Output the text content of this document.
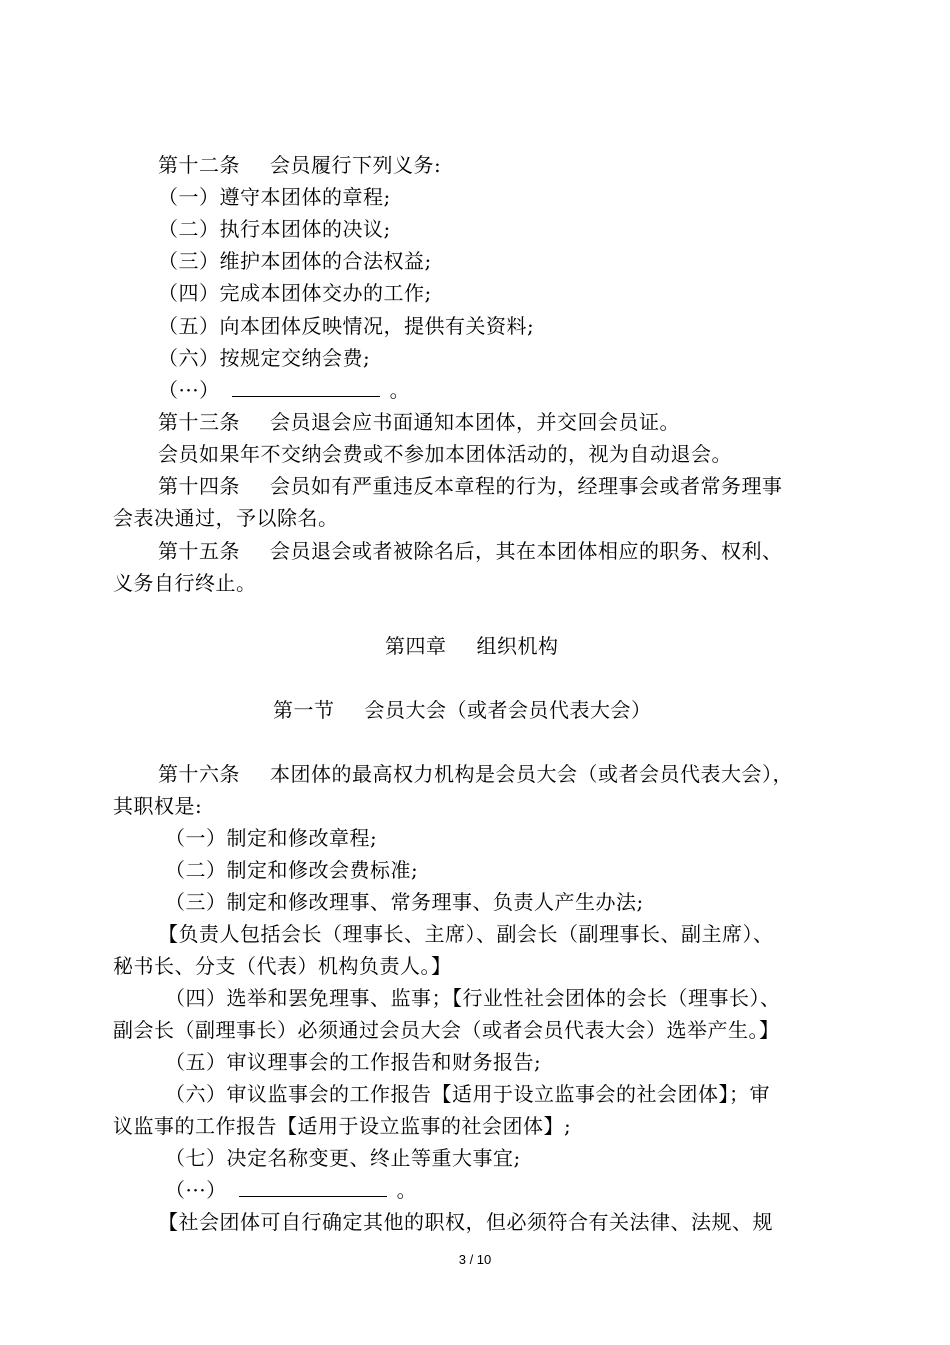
第十二条 会员履行下列义务:
（一）遵守本团体的章程;
（二）执行本团体的决议;
（三）维护本团体的合法权益;
（四）完成本团体交办的工作;
（五）向本团体反映情况，提供有关资料;
（六）按规定交纳会费;
（···）	。
第十三条 会员退会应书面通知本团体，并交回会员证。
会员如果年不交纳会费或不参加本团体活动的，视为自动退会。
第十四条 会员如有严重违反本章程的行为，经理事会或者常务理事
会表决通过，予以除名。
第十五条 会员退会或者被除名后，其在本团体相应的职务、权利、
义务自行终止。
第四章 组织机构
第一节 会员大会（或者会员代表大会）
第十六条 本团体的最高权力机构是会员大会（或者会员代表大会），
其职权是:
（一）制定和修改章程;
（二）制定和修改会费标准;
（三）制定和修改理事、常务理事、负责人产生办法;
【负责人包括会长（理事长、主席）、副会长（副理事长、副主席）、
秘书长、分支（代表）机构负责人。】
（四）选举和罢免理事、监事；【行业性社会团体的会长（理事长）、
副会长（副理事长）必须通过会员大会（或者会员代表大会）选举产生。】
（五）审议理事会的工作报告和财务报告;
（六）审议监事会的工作报告【适用于设立监事会的社会团体】；审
议监事的工作报告【适用于设立监事的社会团体】;
（七）决定名称变更、终止等重大事宜;
（···）	。
【社会团体可自行确定其他的职权，但必须符合有关法律、法规、规
3 / 10
